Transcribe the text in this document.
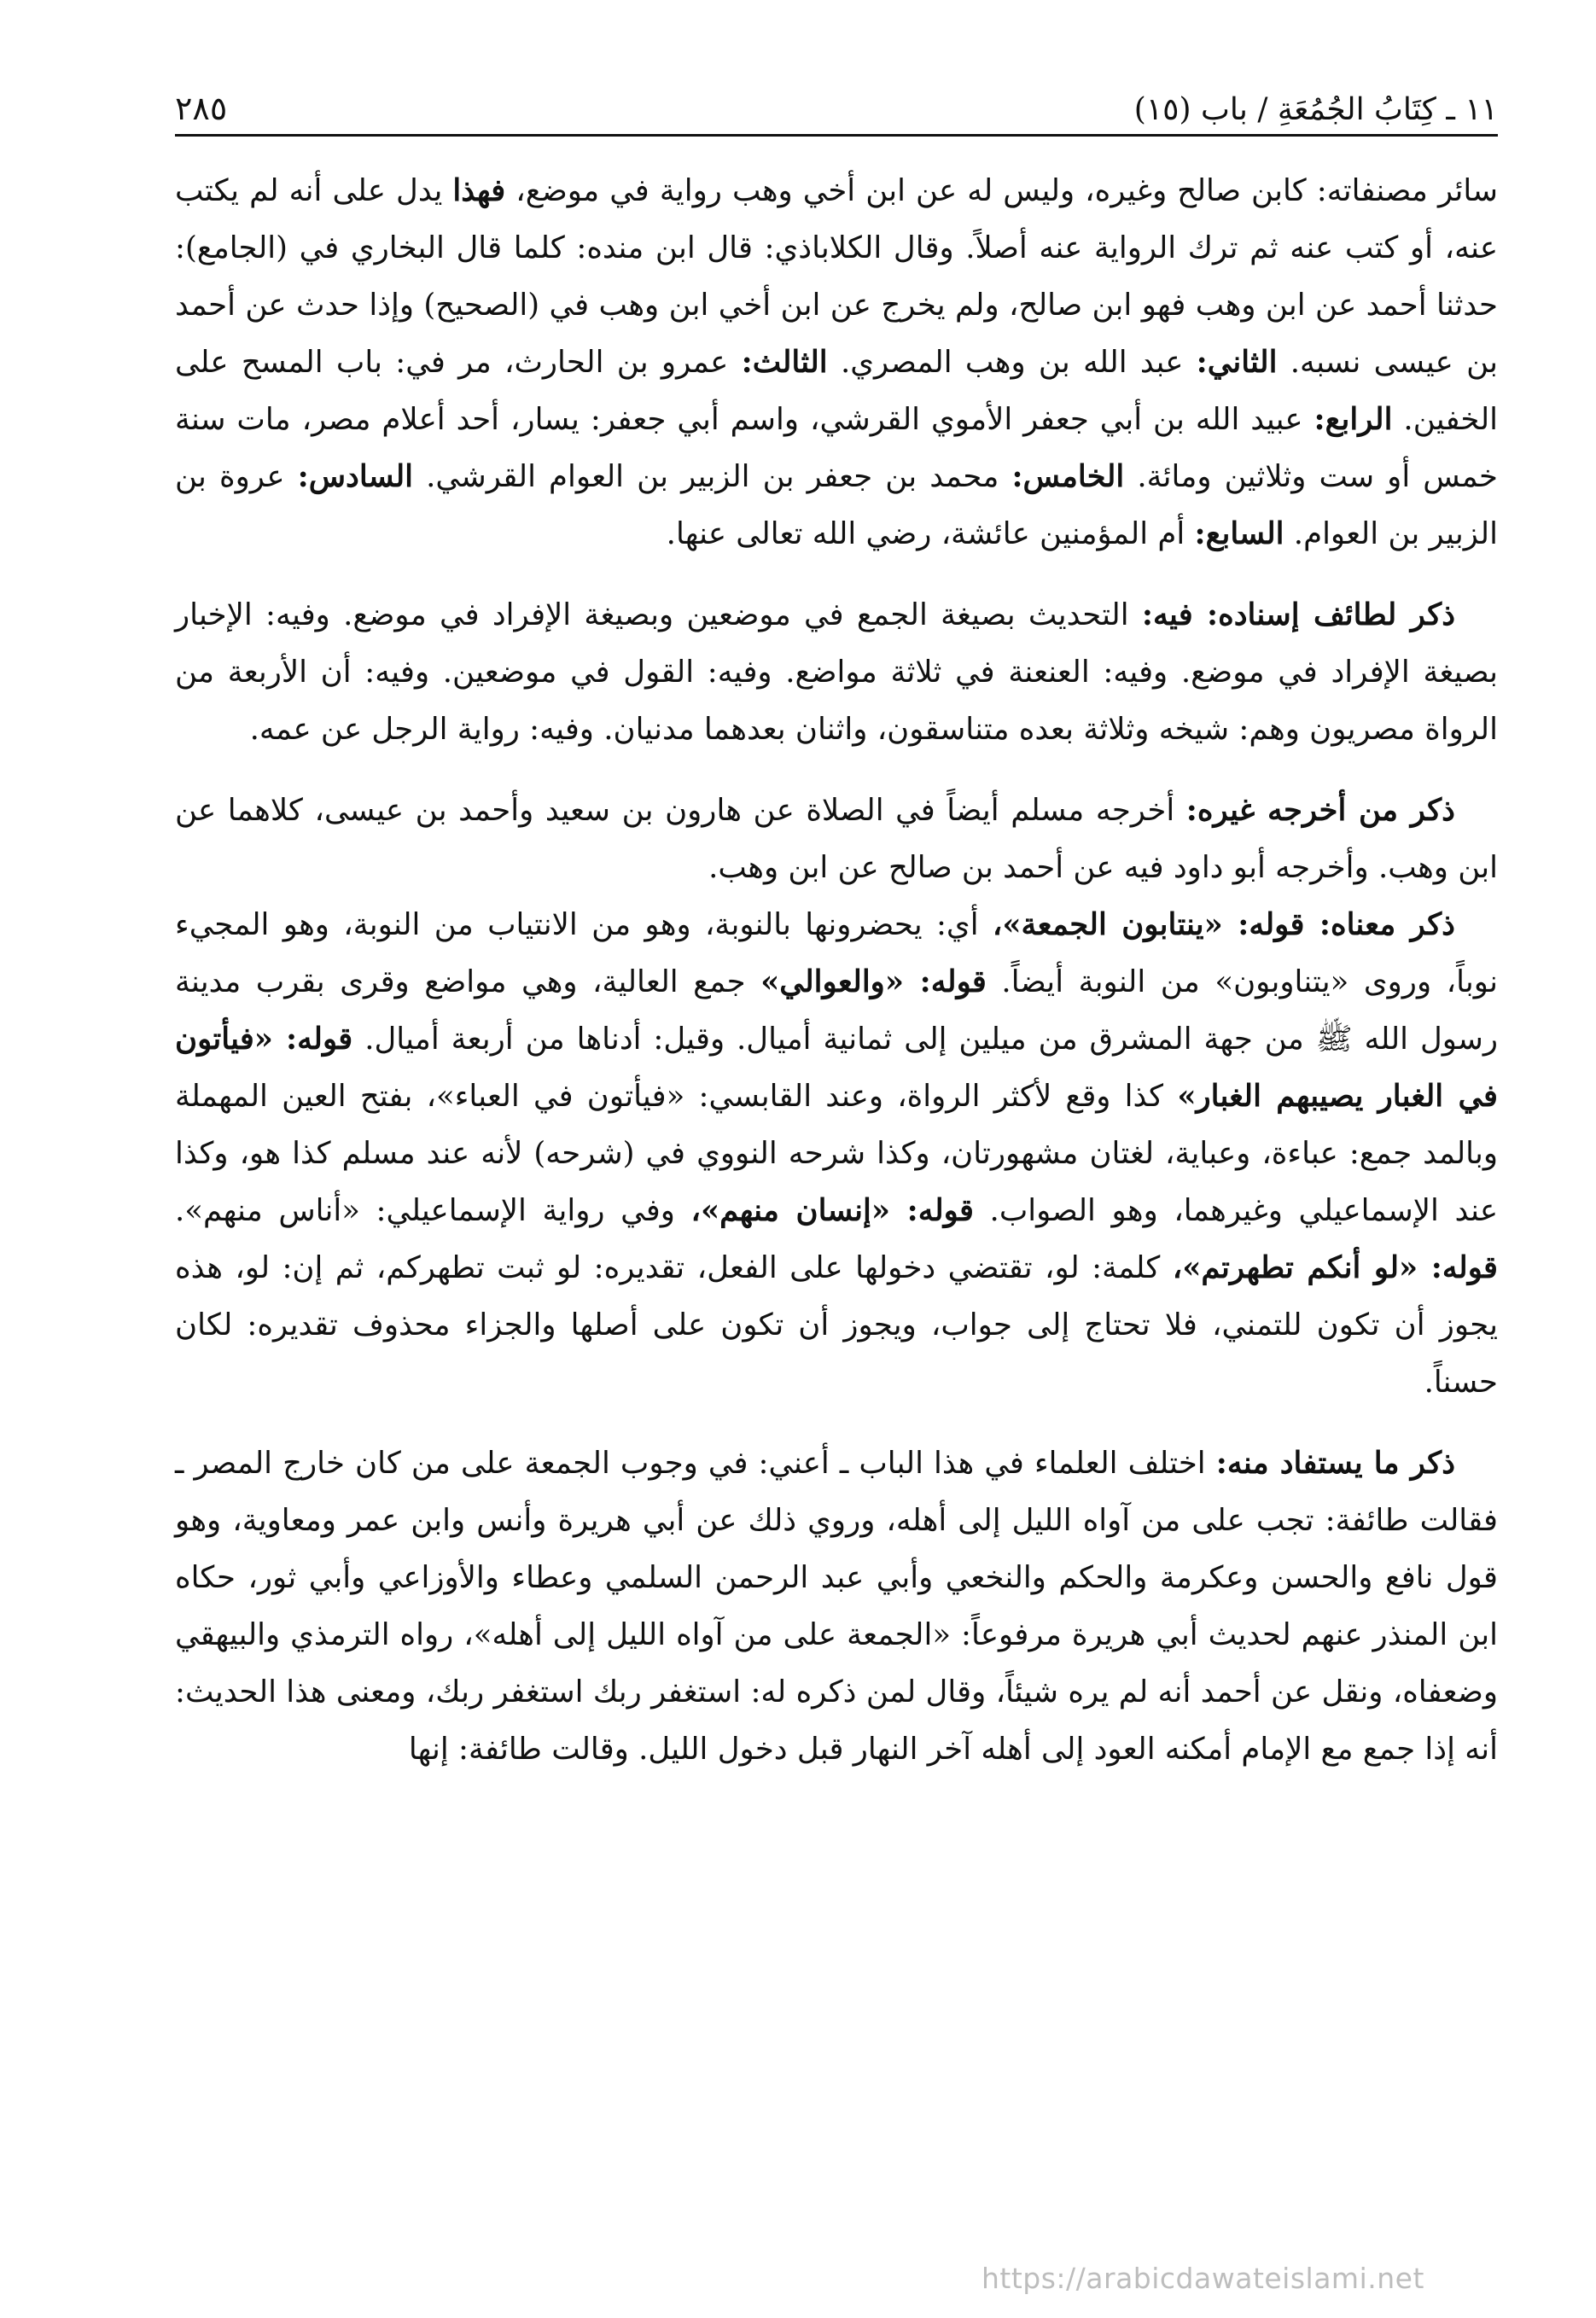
١١ ـ كِتَابُ الجُمُعَةِ / باب (١٥)
٢٨٥

سائر مصنفاته: كابن صالح وغيره، وليس له عن ابن أخي وهب رواية في موضع، فهذا يدل على أنه لم يكتب عنه، أو كتب عنه ثم ترك الرواية عنه أصلاً. وقال الكلاباذي: قال ابن منده: كلما قال البخاري في (الجامع): حدثنا أحمد عن ابن وهب فهو ابن صالح، ولم يخرج عن ابن أخي ابن وهب في (الصحيح) وإذا حدث عن أحمد بن عيسى نسبه. الثاني: عبد الله بن وهب المصري. الثالث: عمرو بن الحارث، مر في: باب المسح على الخفين. الرابع: عبيد الله بن أبي جعفر الأموي القرشي، واسم أبي جعفر: يسار، أحد أعلام مصر، مات سنة خمس أو ست وثلاثين ومائة. الخامس: محمد بن جعفر بن الزبير بن العوام القرشي. السادس: عروة بن الزبير بن العوام. السابع: أم المؤمنين عائشة، رضي الله تعالى عنها.

ذكر لطائف إسناده: فيه: التحديث بصيغة الجمع في موضعين وبصيغة الإفراد في موضع. وفيه: الإخبار بصيغة الإفراد في موضع. وفيه: العنعنة في ثلاثة مواضع. وفيه: القول في موضعين. وفيه: أن الأربعة من الرواة مصريون وهم: شيخه وثلاثة بعده متناسقون، واثنان بعدهما مدنيان. وفيه: رواية الرجل عن عمه.

ذكر من أخرجه غيره: أخرجه مسلم أيضاً في الصلاة عن هارون بن سعيد وأحمد بن عيسى، كلاهما عن ابن وهب. وأخرجه أبو داود فيه عن أحمد بن صالح عن ابن وهب.

ذكر معناه: قوله: «ينتابون الجمعة»، أي: يحضرونها بالنوبة، وهو من الانتياب من النوبة، وهو المجيء نوباً، وروى «يتناوبون» من النوبة أيضاً. قوله: «والعوالي» جمع العالية، وهي مواضع وقرى بقرب مدينة رسول الله ﷺ من جهة المشرق من ميلين إلى ثمانية أميال. وقيل: أدناها من أربعة أميال. قوله: «فيأتون في الغبار يصيبهم الغبار» كذا وقع لأكثر الرواة، وعند القابسي: «فيأتون في العباء»، بفتح العين المهملة وبالمد جمع: عباءة، وعباية، لغتان مشهورتان، وكذا شرحه النووي في (شرحه) لأنه عند مسلم كذا هو، وكذا عند الإسماعيلي وغيرهما، وهو الصواب. قوله: «إنسان منهم»، وفي رواية الإسماعيلي: «أناس منهم». قوله: «لو أنكم تطهرتم»، كلمة: لو، تقتضي دخولها على الفعل، تقديره: لو ثبت تطهركم، ثم إن: لو، هذه يجوز أن تكون للتمني، فلا تحتاج إلى جواب، ويجوز أن تكون على أصلها والجزاء محذوف تقديره: لكان حسناً.

ذكر ما يستفاد منه: اختلف العلماء في هذا الباب ـ أعني: في وجوب الجمعة على من كان خارج المصر ـ فقالت طائفة: تجب على من آواه الليل إلى أهله، وروي ذلك عن أبي هريرة وأنس وابن عمر ومعاوية، وهو قول نافع والحسن وعكرمة والحكم والنخعي وأبي عبد الرحمن السلمي وعطاء والأوزاعي وأبي ثور، حكاه ابن المنذر عنهم لحديث أبي هريرة مرفوعاً: «الجمعة على من آواه الليل إلى أهله»، رواه الترمذي والبيهقي وضعفاه، ونقل عن أحمد أنه لم يره شيئاً، وقال لمن ذكره له: استغفر ربك استغفر ربك، ومعنى هذا الحديث: أنه إذا جمع مع الإمام أمكنه العود إلى أهله آخر النهار قبل دخول الليل. وقالت طائفة: إنها

https://arabicdawateislami.net
